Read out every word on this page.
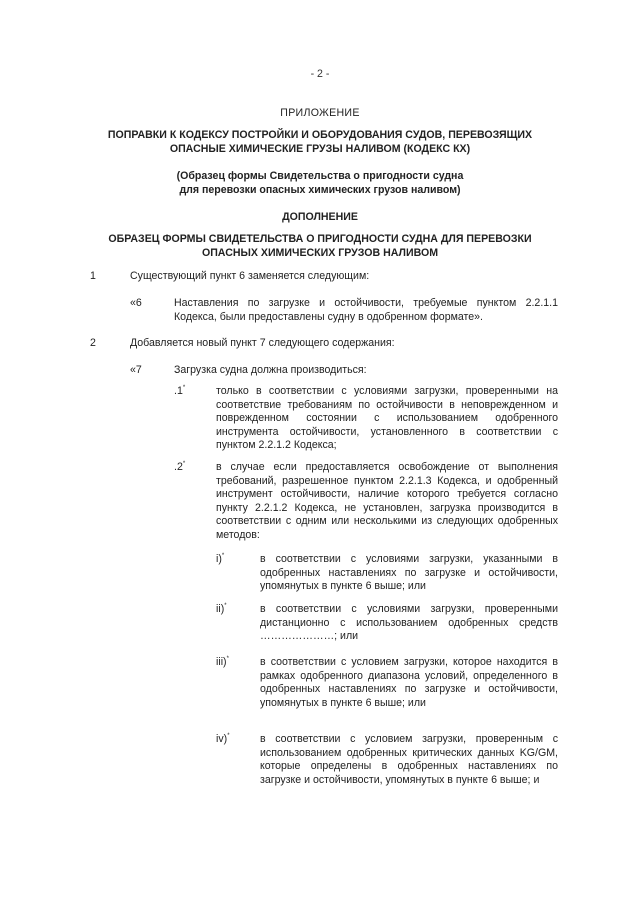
- 2 -
ПРИЛОЖЕНИЕ
ПОПРАВКИ К КОДЕКСУ ПОСТРОЙКИ И ОБОРУДОВАНИЯ СУДОВ, ПЕРЕВОЗЯЩИХ
ОПАСНЫЕ ХИМИЧЕСКИЕ ГРУЗЫ НАЛИВОМ (КОДЕКС КХ)
(Образец формы Свидетельства о пригодности судна
для перевозки опасных химических грузов наливом)
ДОПОЛНЕНИЕ
ОБРАЗЕЦ ФОРМЫ СВИДЕТЕЛЬСТВА О ПРИГОДНОСТИ СУДНА ДЛЯ ПЕРЕВОЗКИ
ОПАСНЫХ ХИМИЧЕСКИХ ГРУЗОВ НАЛИВОМ
1	Существующий пункт 6 заменяется следующим:
«6	Наставления по загрузке и остойчивости, требуемые пунктом 2.2.1.1 Кодекса, были предоставлены судну в одобренном формате».
2	Добавляется новый пункт 7 следующего содержания:
«7	Загрузка судна должна производиться:
.1*	только в соответствии с условиями загрузки, проверенными на соответствие требованиям по остойчивости в неповрежденном и поврежденном состоянии с использованием одобренного инструмента остойчивости, установленного в соответствии с пунктом 2.2.1.2 Кодекса;
.2*	в случае если предоставляется освобождение от выполнения требований, разрешенное пунктом 2.2.1.3 Кодекса, и одобренный инструмент остойчивости, наличие которого требуется согласно пункту 2.2.1.2 Кодекса, не установлен, загрузка производится в соответствии с одним или несколькими из следующих одобренных методов:
i)*	в соответствии с условиями загрузки, указанными в одобренных наставлениях по загрузке и остойчивости, упомянутых в пункте 6 выше; или
ii)*	в соответствии с условиями загрузки, проверенными дистанционно с использованием одобренных средств …………………; или
iii)*	в соответствии с условием загрузки, которое находится в рамках одобренного диапазона условий, определенного в одобренных наставлениях по загрузке и остойчивости, упомянутых в пункте 6 выше; или
iv)*	в соответствии с условием загрузки, проверенным с использованием одобренных критических данных KG/GM, которые определены в одобренных наставлениях по загрузке и остойчивости, упомянутых в пункте 6 выше; и
